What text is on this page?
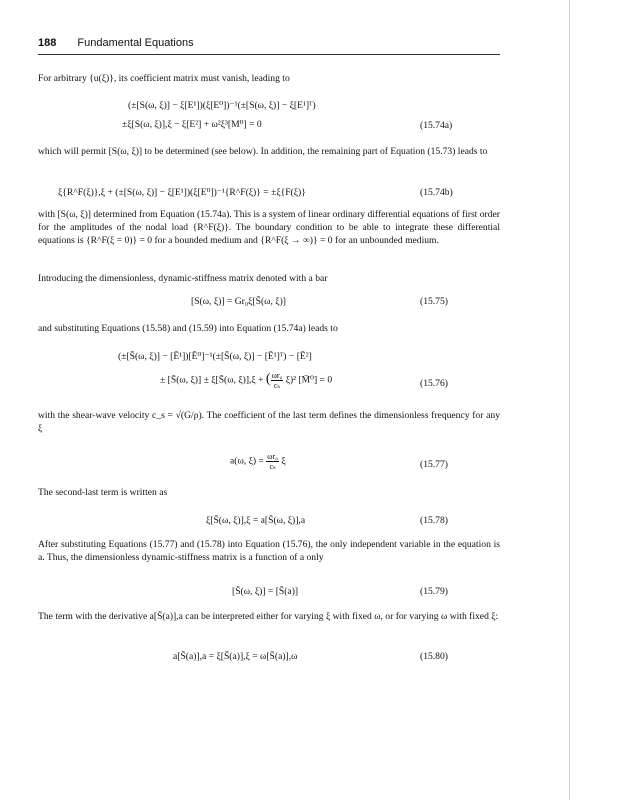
188 Fundamental Equations
For arbitrary {u(ξ)}, its coefficient matrix must vanish, leading to
(±[S(ω, ξ)] − ξ[E¹])(ξ[E⁰])⁻¹(±[S(ω, ξ)] − ξ[E¹]ᵀ)
±ξ[S(ω, ξ)],ξ − ξ[E²] + ω²ξ³[M⁰] = 0	(15.74a)
which will permit [S(ω, ξ)] to be determined (see below). In addition, the remaining part of Equation (15.73) leads to
ξ{R^F(ξ)},ξ + (±[S(ω, ξ)] − ξ[E¹])(ξ[E⁰])⁻¹{R^F(ξ)} = ±ξ{F(ξ)}	(15.74b)
with [S(ω, ξ)] determined from Equation (15.74a). This is a system of linear ordinary differential equations of first order for the amplitudes of the nodal load {R^F(ξ)}. The boundary condition to be able to integrate these differential equations is {R^F(ξ = 0)} = 0 for a bounded medium and {R^F(ξ → ∞)} = 0 for an unbounded medium.
Introducing the dimensionless, dynamic-stiffness matrix denoted with a bar
[S(ω, ξ)] = Gr₀ξ[S̄(ω, ξ)]	(15.75)
and substituting Equations (15.58) and (15.59) into Equation (15.74a) leads to
(±[S̄(ω, ξ)] − [Ē¹])[Ē⁰]⁻¹(±[S̄(ω, ξ)] − [Ē¹]ᵀ) − [Ē²]
± [S̄(ω, ξ)] ± ξ[S̄(ω, ξ)],ξ + ( $\frac{\text{ωr₀}}{\text{cₛ}} \xi)^2$ [M̄⁰] = 0	(15.76)
with the shear-wave velocity c_s = √(G/ρ). The coefficient of the last term defines the dimensionless frequency for any ξ
a(ω, $\xi) = \frac{\text{ωr₀}}{\text{cₛ}}$ ξ	(15.77)
The second-last term is written as
ξ[S̄(ω, ξ)],ξ = a[S̄(ω, ξ)],a	(15.78)
After substituting Equations (15.77) and (15.78) into Equation (15.76), the only independent variable in the equation is a. Thus, the dimensionless dynamic-stiffness matrix is a function of a only
[S̄(ω, ξ)] = [S̄(a)]	(15.79)
The term with the derivative a[S̄(a)],a can be interpreted either for varying ξ with fixed ω, or for varying ω with fixed ξ:
a[S̄(a)],a = ξ[S̄(a)],ξ = ω[S̄(a)],ω	(15.80)
